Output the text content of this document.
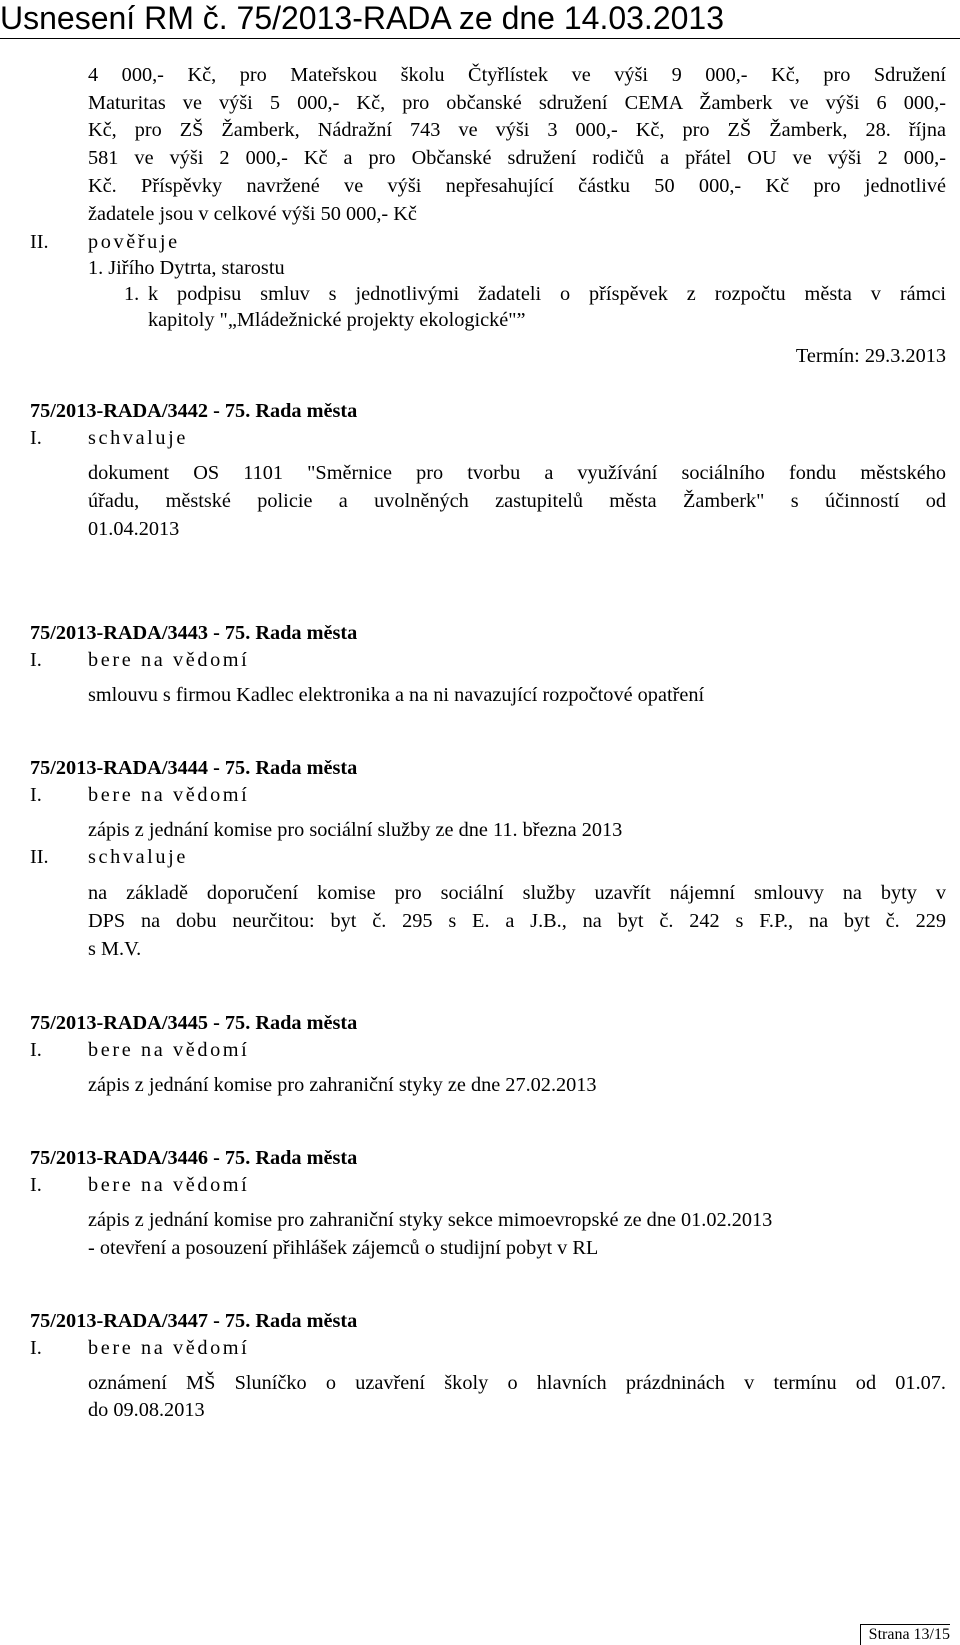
Usnesení RM č. 75/2013-RADA ze dne 14.03.2013
4 000,- Kč, pro Mateřskou školu Čtyřlístek ve výši 9 000,- Kč, pro Sdružení
Maturitas ve výši 5 000,- Kč, pro občanské sdružení CEMA Žamberk ve výši 6 000,-
Kč, pro ZŠ Žamberk, Nádražní 743 ve výši 3 000,- Kč, pro ZŠ Žamberk, 28. října
581 ve výši 2 000,- Kč a pro Občanské sdružení rodičů a přátel OU ve výši 2 000,-
Kč. Příspěvky navržené ve výši nepřesahující částku 50 000,- Kč pro jednotlivé
žadatele jsou v celkové výši 50 000,- Kč
II. pověřuje
1. Jiřího Dytrta, starostu
1. k podpisu smluv s jednotlivými žadateli o příspěvek z rozpočtu města v rámci
kapitoly "„Mládežnické projekty ekologické"”
Termín: 29.3.2013
75/2013-RADA/3442 - 75. Rada města
I. schvaluje
dokument OS 1101 "Směrnice pro tvorbu a využívání sociálního fondu městského
úřadu, městské policie a uvolněných zastupitelů města Žamberk" s účinností od
01.04.2013
75/2013-RADA/3443 - 75. Rada města
I. bere na vědomí
smlouvu s firmou Kadlec elektronika a na ni navazující rozpočtové opatření
75/2013-RADA/3444 - 75. Rada města
I. bere na vědomí
zápis z jednání komise pro sociální služby ze dne 11. března 2013
II. schvaluje
na základě doporučení komise pro sociální služby uzavřít nájemní smlouvy na byty v
DPS na dobu neurčitou: byt č. 295 s E. a J.B., na byt č. 242 s F.P., na byt č. 229
s M.V.
75/2013-RADA/3445 - 75. Rada města
I. bere na vědomí
zápis z jednání komise pro zahraniční styky ze dne 27.02.2013
75/2013-RADA/3446 - 75. Rada města
I. bere na vědomí
zápis z jednání komise pro zahraniční styky sekce mimoevropské ze dne 01.02.2013
- otevření a posouzení přihlášek zájemců o studijní pobyt v RL
75/2013-RADA/3447 - 75. Rada města
I. bere na vědomí
oznámení MŠ Sluníčko o uzavření školy o hlavních prázdninách v termínu od 01.07.
do 09.08.2013
Strana 13/15
